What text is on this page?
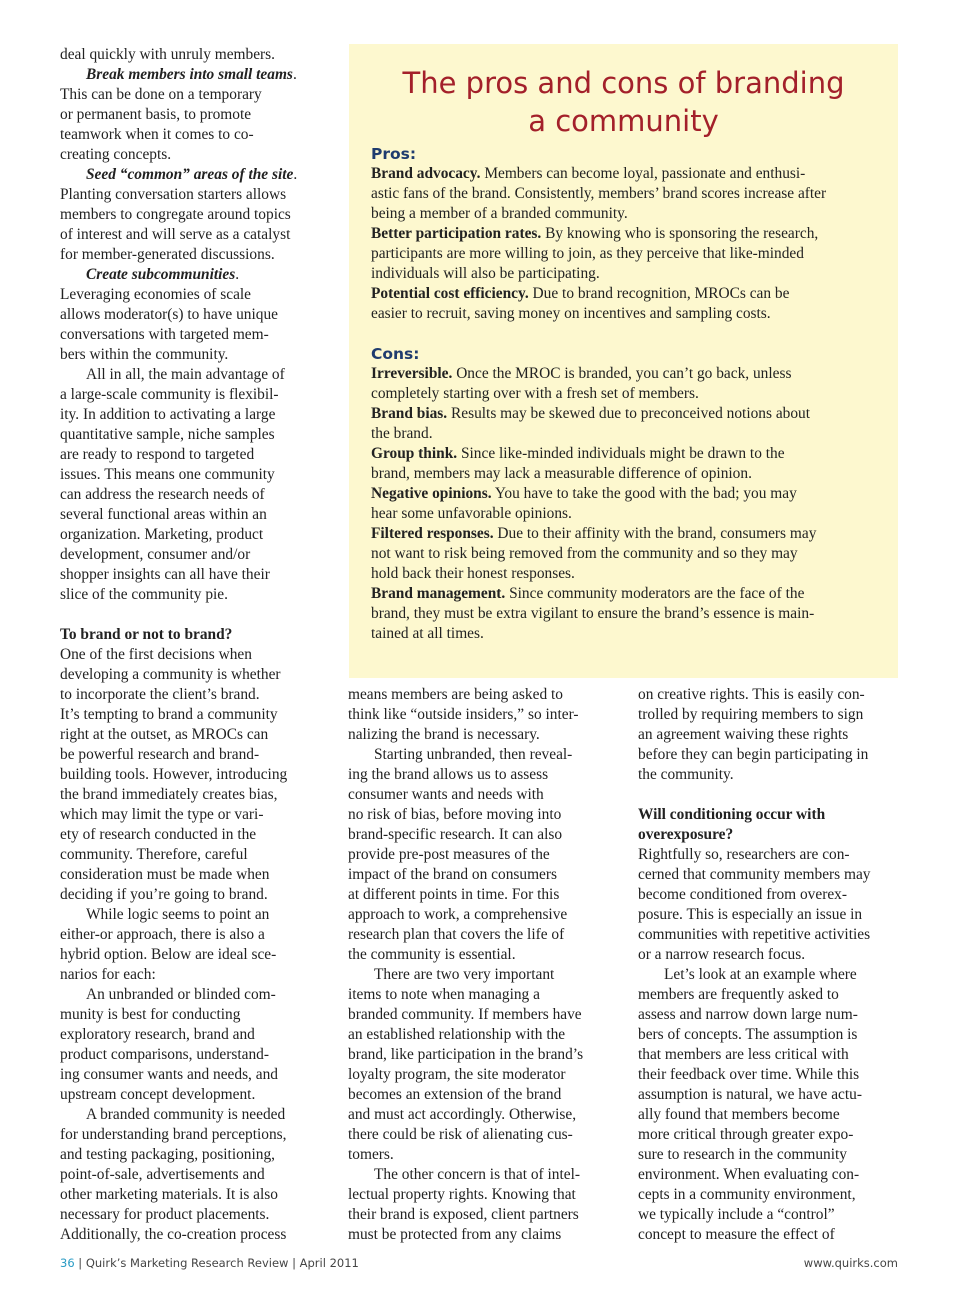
deal quickly with unruly members.
Break members into small teams.
This can be done on a temporary
or permanent basis, to promote
teamwork when it comes to co-
creating concepts.
Seed “common” areas of the site.
Planting conversation starters allows
members to congregate around topics
of interest and will serve as a catalyst
for member-generated discussions.
Create subcommunities.
Leveraging economies of scale
allows moderator(s) to have unique
conversations with targeted mem-
bers within the community.
All in all, the main advantage of
a large-scale community is flexibil-
ity. In addition to activating a large
quantitative sample, niche samples
are ready to respond to targeted
issues. This means one community
can address the research needs of
several functional areas within an
organization. Marketing, product
development, consumer and/or
shopper insights can all have their
slice of the community pie.
To brand or not to brand?
One of the first decisions when
developing a community is whether
to incorporate the client’s brand.
It’s tempting to brand a community
right at the outset, as MROCs can
be powerful research and brand-
building tools. However, introducing
the brand immediately creates bias,
which may limit the type or vari-
ety of research conducted in the
community. Therefore, careful
consideration must be made when
deciding if you’re going to brand.
While logic seems to point an
either-or approach, there is also a
hybrid option. Below are ideal sce-
narios for each:
An unbranded or blinded com-
munity is best for conducting
exploratory research, brand and
product comparisons, understand-
ing consumer wants and needs, and
upstream concept development.
A branded community is needed
for understanding brand perceptions,
and testing packaging, positioning,
point-of-sale, advertisements and
other marketing materials. It is also
necessary for product placements.
Additionally, the co-creation process
The pros and cons of branding
a community
Pros:
Brand advocacy. Members can become loyal, passionate and enthusi-
astic fans of the brand. Consistently, members’ brand scores increase after
being a member of a branded community.
Better participation rates. By knowing who is sponsoring the research,
participants are more willing to join, as they perceive that like-minded
individuals will also be participating.
Potential cost efficiency. Due to brand recognition, MROCs can be
easier to recruit, saving money on incentives and sampling costs.
Cons:
Irreversible. Once the MROC is branded, you can’t go back, unless
completely starting over with a fresh set of members.
Brand bias. Results may be skewed due to preconceived notions about
the brand.
Group think. Since like-minded individuals might be drawn to the
brand, members may lack a measurable difference of opinion.
Negative opinions. You have to take the good with the bad; you may
hear some unfavorable opinions.
Filtered responses. Due to their affinity with the brand, consumers may
not want to risk being removed from the community and so they may
hold back their honest responses.
Brand management. Since community moderators are the face of the
brand, they must be extra vigilant to ensure the brand’s essence is main-
tained at all times.
means members are being asked to
think like “outside insiders,” so inter-
nalizing the brand is necessary.
Starting unbranded, then reveal-
ing the brand allows us to assess
consumer wants and needs with
no risk of bias, before moving into
brand-specific research. It can also
provide pre-post measures of the
impact of the brand on consumers
at different points in time. For this
approach to work, a comprehensive
research plan that covers the life of
the community is essential.
There are two very important
items to note when managing a
branded community. If members have
an established relationship with the
brand, like participation in the brand’s
loyalty program, the site moderator
becomes an extension of the brand
and must act accordingly. Otherwise,
there could be risk of alienating cus-
tomers.
The other concern is that of intel-
lectual property rights. Knowing that
their brand is exposed, client partners
must be protected from any claims
on creative rights. This is easily con-
trolled by requiring members to sign
an agreement waiving these rights
before they can begin participating in
the community.
Will conditioning occur with
overexposure?
Rightfully so, researchers are con-
cerned that community members may
become conditioned from overex-
posure. This is especially an issue in
communities with repetitive activities
or a narrow research focus.
Let’s look at an example where
members are frequently asked to
assess and narrow down large num-
bers of concepts. The assumption is
that members are less critical with
their feedback over time. While this
assumption is natural, we have actu-
ally found that members become
more critical through greater expo-
sure to research in the community
environment. When evaluating con-
cepts in a community environment,
we typically include a “control”
concept to measure the effect of
36 | Quirk’s Marketing Research Review | April 2011	www.quirks.com
